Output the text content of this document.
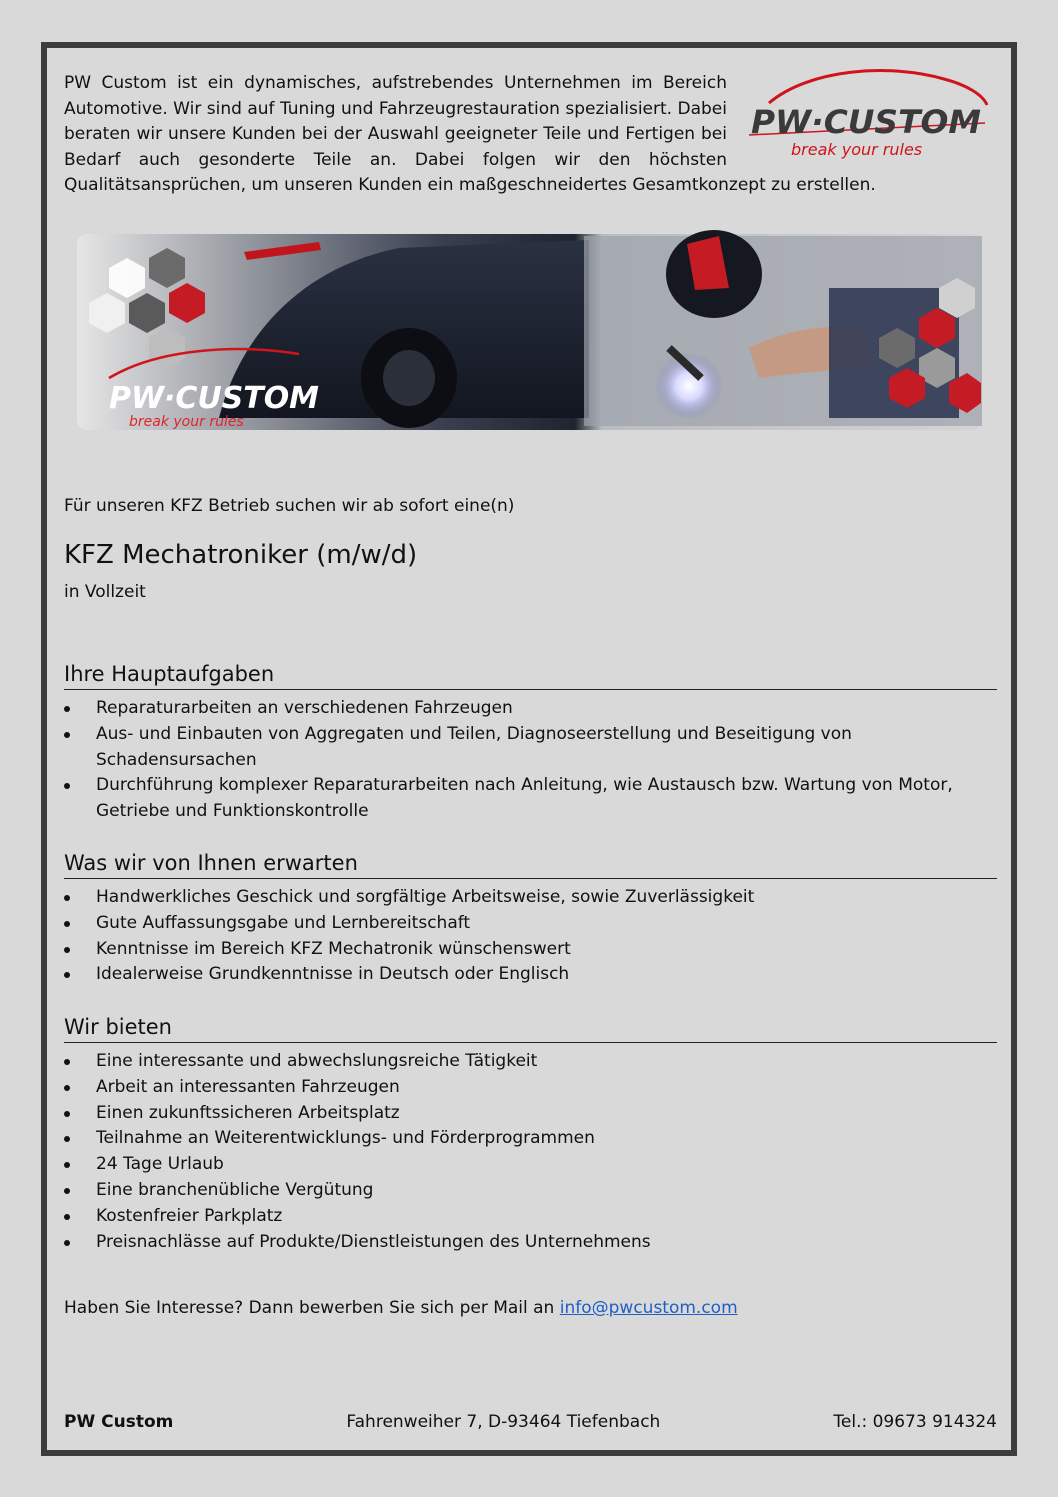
PW·CUSTOM
break your rules

PW Custom ist ein dynamisches, aufstrebendes Unternehmen im Bereich Automotive. Wir sind auf Tuning und Fahrzeugrestauration spezialisiert. Dabei beraten wir unsere Kunden bei der Auswahl geeigneter Teile und Fertigen bei Bedarf auch gesonderte Teile an. Dabei folgen wir den höchsten Qualitätsansprüchen, um unseren Kunden ein maßgeschneidertes Gesamtkonzept zu erstellen.

PW·CUSTOM
break your rules
Für unseren KFZ Betrieb suchen wir ab sofort eine(n)
KFZ Mechatroniker (m/w/d)
in Vollzeit
Ihre Hauptaufgaben
Reparaturarbeiten an verschiedenen Fahrzeugen
Aus- und Einbauten von Aggregaten und Teilen, Diagnoseerstellung und Beseitigung von Schadensursachen
Durchführung komplexer Reparaturarbeiten nach Anleitung, wie Austausch bzw. Wartung von Motor, Getriebe und Funktionskontrolle
Was wir von Ihnen erwarten
Handwerkliches Geschick und sorgfältige Arbeitsweise, sowie Zuverlässigkeit
Gute Auffassungsgabe und Lernbereitschaft
Kenntnisse im Bereich KFZ Mechatronik wünschenswert
Idealerweise Grundkenntnisse in Deutsch oder Englisch
Wir bieten
Eine interessante und abwechslungsreiche Tätigkeit
Arbeit an interessanten Fahrzeugen
Einen zukunftssicheren Arbeitsplatz
Teilnahme an Weiterentwicklungs- und Förderprogrammen
24 Tage Urlaub
Eine branchenübliche Vergütung
Kostenfreier Parkplatz
Preisnachlässe auf Produkte/Dienstleistungen des Unternehmens
Haben Sie Interesse? Dann bewerben Sie sich per Mail an info@pwcustom.com
PW Custom	Fahrenweiher 7, D-93464 Tiefenbach	Tel.: 09673 914324
